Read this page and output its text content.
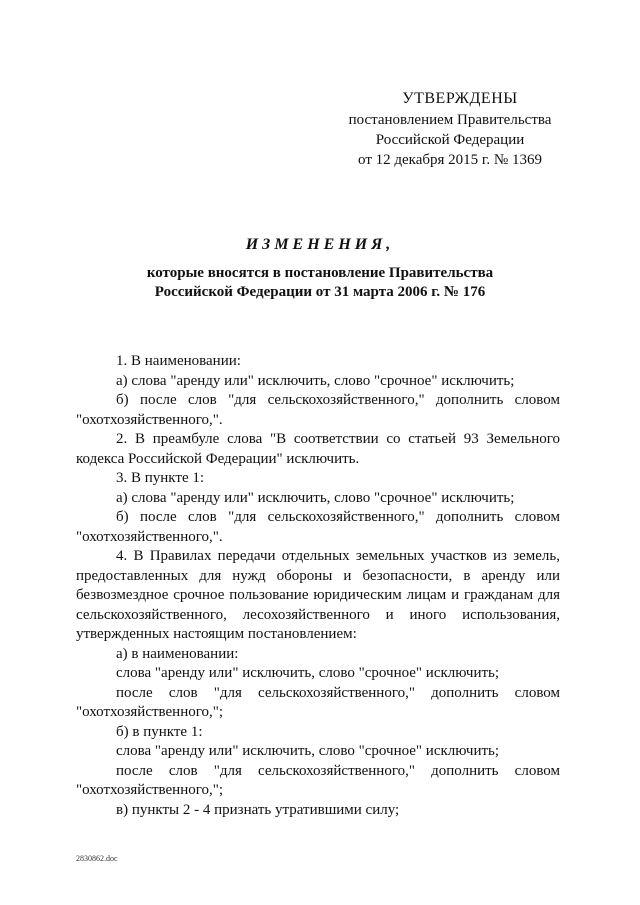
УТВЕРЖДЕНЫ
постановлением Правительства
Российской Федерации
от 12 декабря 2015 г. № 1369
ИЗМЕНЕНИЯ,
которые вносятся в постановление Правительства
Российской Федерации от 31 марта 2006 г. № 176

1. В наименовании:

а) слова "аренду или" исключить, слово "срочное" исключить;

б) после слов "для сельскохозяйственного," дополнить словом "охотхозяйственного,".

2. В преамбуле слова "В соответствии со статьей 93 Земельного кодекса Российской Федерации" исключить.

3. В пункте 1:

а) слова "аренду или" исключить, слово "срочное" исключить;

б) после слов "для сельскохозяйственного," дополнить словом "охотхозяйственного,".

4. В Правилах передачи отдельных земельных участков из земель, предоставленных для нужд обороны и безопасности, в аренду или безвозмездное срочное пользование юридическим лицам и гражданам для сельскохозяйственного, лесохозяйственного и иного использования, утвержденных настоящим постановлением:

а) в наименовании:

слова "аренду или" исключить, слово "срочное" исключить;

после слов "для сельскохозяйственного," дополнить словом "охотхозяйственного,";

б) в пункте 1:

слова "аренду или" исключить, слово "срочное" исключить;

после слов "для сельскохозяйственного," дополнить словом "охотхозяйственного,";

в) пункты 2 - 4 признать утратившими силу;

2830862.doc
